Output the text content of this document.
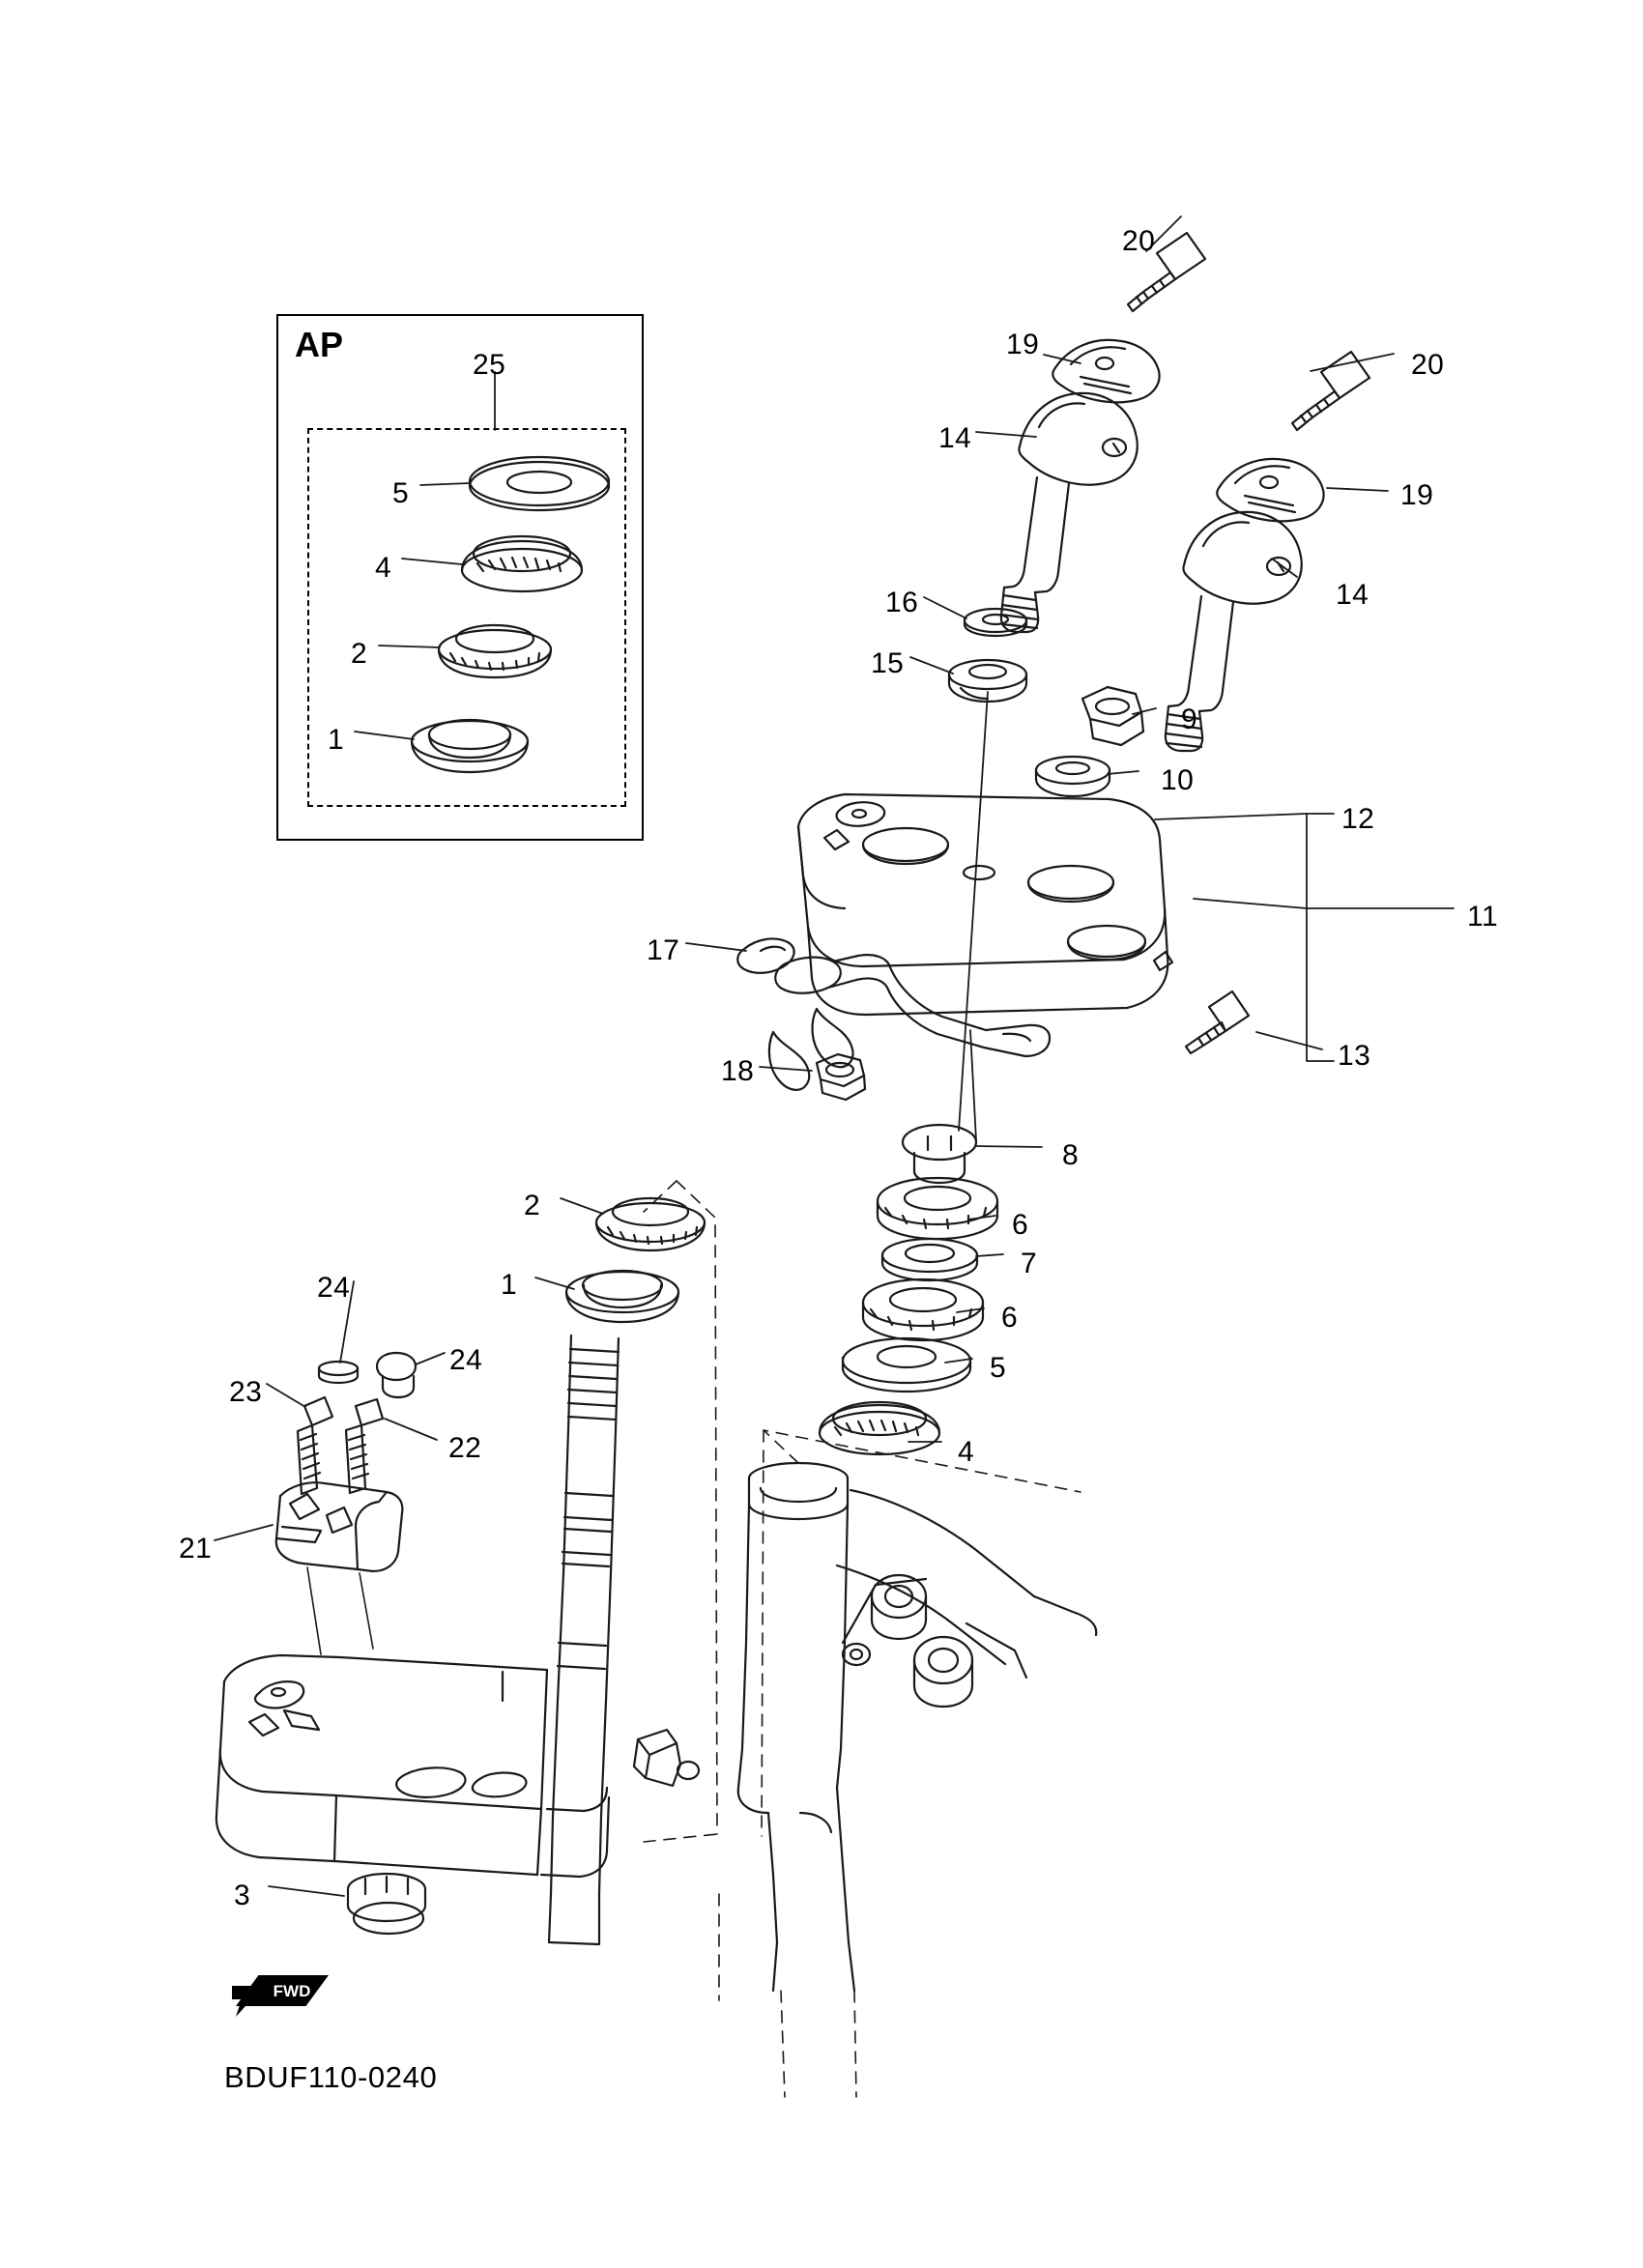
AP
FWD
BDUF110-0240
20
19
20
14
19
14
16
15
9
10
12
11
17
13
18
8
6
7
6
5
4
2
1
24
24
23
22
21
3
25
5
4
2
1
